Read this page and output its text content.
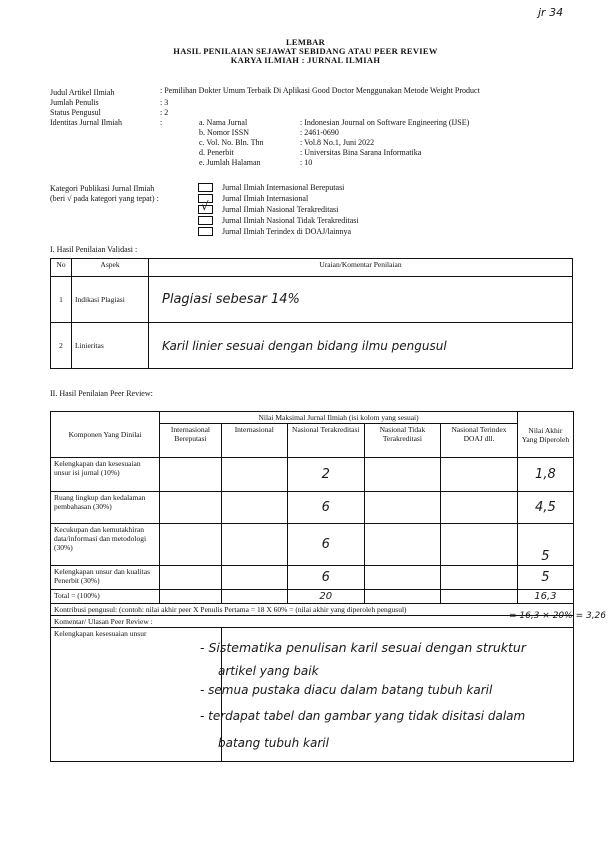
jr 34
LEMBAR
HASIL PENILAIAN SEJAWAT SEBIDANG ATAU PEER REVIEW
KARYA ILMIAH : JURNAL ILMIAH
Judul Artikel Ilmiah	: Pemilihan Dokter Umum Terbaik Di Aplikasi Good Doctor Menggunakan Metode Weight Product
Jumlah Penulis	: 3
Status Pengusul	: 2
Identitas Jurnal Ilmiah	:	a. Nama Jurnal	: Indonesian Journal on Software Engineering (IJSE)
b. Nomor ISSN	: 2461-0690
c. Vol. No. Bln. Thn	: Vol.8 No.1, Juni 2022
d. Penerbit	: Universitas Bina Sarana Informatika
e. Jumlah Halaman	: 10
Kategori Publikasi Jurnal Ilmiah
(beri √ pada kategori yang tepat) :
Jurnal Ilmiah Internasional Bereputasi
Jurnal Ilmiah Internasional
√ Jurnal Ilmiah Nasional Terakreditasi
Jurnal Ilmiah Nasional Tidak Terakreditasi
Jurnal Ilmiah Terindex di DOAJ/lainnya
I. Hasil Penilaian Validasi :
No	Aspek	Uraian/Komentar Penilaian
1	Indikasi Plagiasi	Plagiasi sebesar 14%
2	Linieritas	Karil linier sesuai dengan bidang ilmu pengusul
II. Hasil Penilaian Peer Review:
Komponen Yang Dinilai	Nilai Maksimal Jurnal Ilmiah (isi kolom yang sesuai)					Nilai Akhir Yang Diperoleh
	Internasional Bereputasi	Internasional	Nasional Terakreditasi	Nasional Tidak Terakreditasi	Nasional Terindex DOAJ dll.	
Kelengkapan dan kesesuaian unsur isi jurnal (10%)			2			1,8
Ruang lingkup dan kedalaman pembahasan (30%)			6			4,5
Kecukupan dan kemutakhiran data/informasi dan metodologi (30%)			6			5
Kelengkapan unsur dan kualitas Penerbit (30%)			6			5
Total = (100%)			20			16,3
Kontribusi pengusul: (contoh: nilai akhir peer X Penulis Pertama = 18 X 60% = (nilai akhir yang diperoleh pengusul)						
Komentar/ Ulasan Peer Review :						
Kelengkapan kesesuaian unsur						
= 16,3 × 20% = 3,26
- Sistematika penulisan karil sesuai dengan struktur
artikel yang baik
- semua pustaka diacu dalam batang tubuh karil
- terdapat tabel dan gambar yang tidak disitasi dalam
batang tubuh karil
